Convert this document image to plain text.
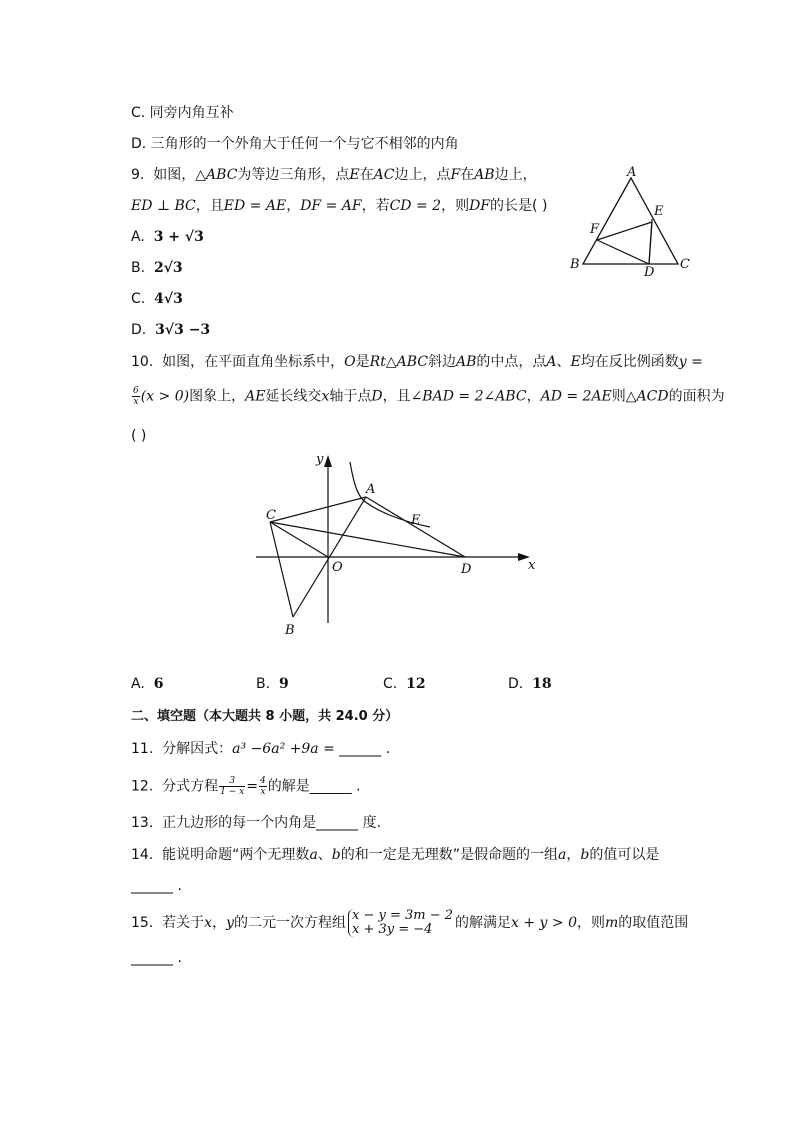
C. 同旁内角互补
D. 三角形的一个外角大于任何一个与它不相邻的内角
9. 如图，△ABC为等边三角形，点E在AC边上，点F在AB边上，
ED ⊥ BC，且ED = AE，DF = AF，若CD = 2，则DF的长是( )
A. 3 + √3
B. 2√3
C. 4√3
D. 3√3 −3
A
B	C
D
E
F
10. 如图，在平面直角坐标系中，O是Rt△ABC斜边AB的中点，点A、E均在反比例函数y =
$\frac{6}{x} (x > 0)$图象上，AE延长线交x轴于点D，且∠BAD = 2∠ABC，AD = 2AE则△ACD的面积为
( )
y
x
A
C	E
O	D
B
A. 6	B. 9	C. 12	D. 18
二、填空题（本大题共 8 小题，共 24.0 分）
11. 分解因式：a³ −6a² +9a = ______ .
12. 分式方程 $\frac{3}{1 - x} = \frac{4}{x}$ 的解是______ .
13. 正九边形的每一个内角是______ 度.
14. 能说明命题“两个无理数a、b的和一定是无理数”是假命题的一组a，b的值可以是
______ .
15. 若关于x，y的二元一次方程组 x − y = 3m − 2
x + 3y = −4	的解满足x + y > 0，则m的取值范围
______ .
